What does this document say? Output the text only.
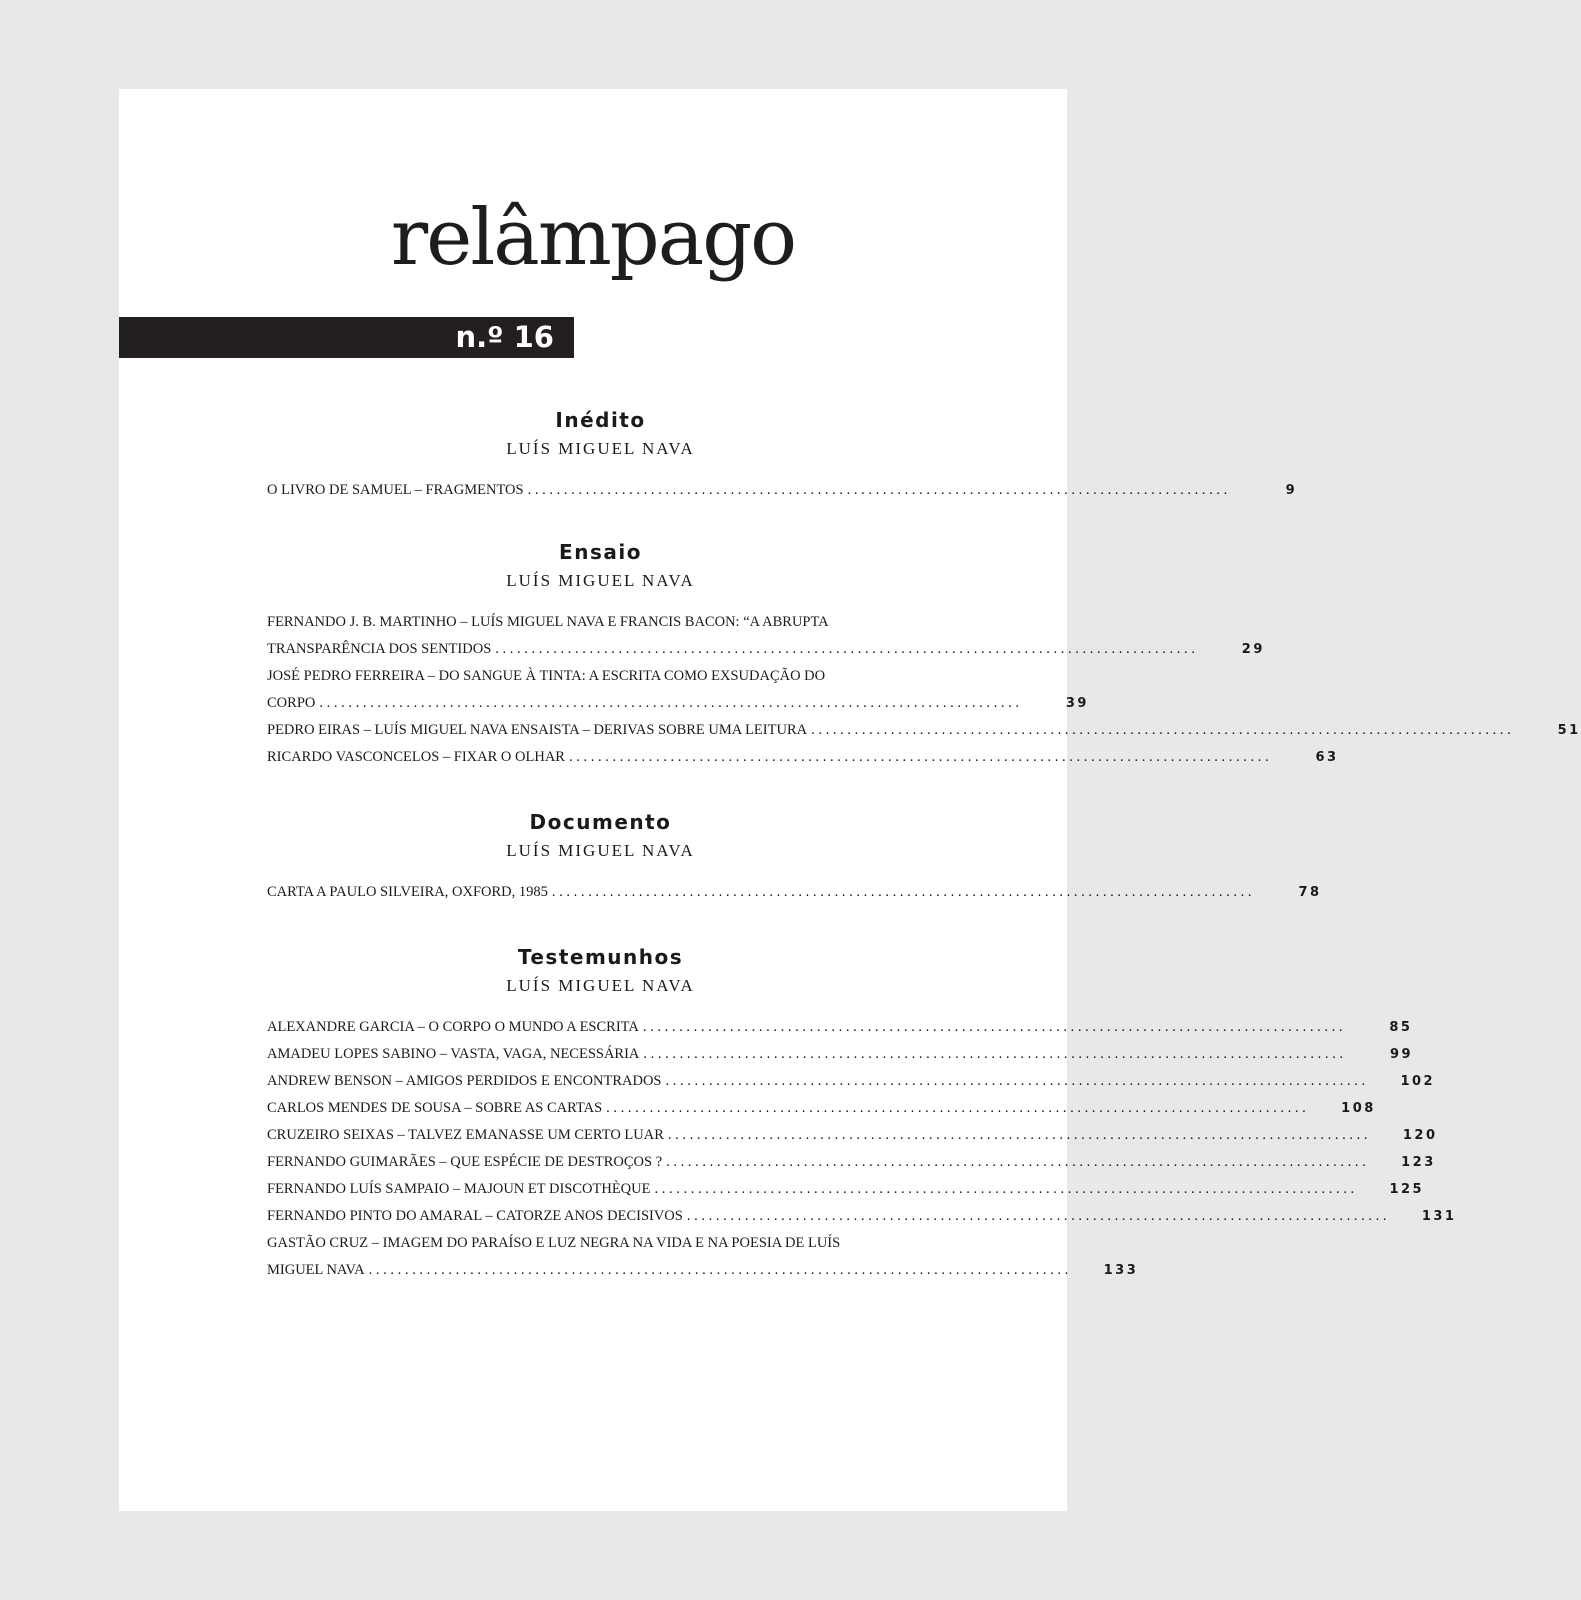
relâmpago
n.º 16
Inédito
LUÍS MIGUEL NAVA
O LIVRO DE SAMUEL – FRAGMENTOS . . .	9
Ensaio
LUÍS MIGUEL NAVA
FERNANDO J. B. MARTINHO – LUÍS MIGUEL NAVA E FRANCIS BACON: “A ABRUPTA
TRANSPARÊNCIA DOS SENTIDOS . . .	29
JOSÉ PEDRO FERREIRA – DO SANGUE À TINTA: A ESCRITA COMO EXSUDAÇÃO DO
CORPO . . .	39
PEDRO EIRAS – LUÍS MIGUEL NAVA ENSAISTA – DERIVAS SOBRE UMA LEITURA . . .	51
RICARDO VASCONCELOS – FIXAR O OLHAR . . .	63
Documento
LUÍS MIGUEL NAVA
CARTA A PAULO SILVEIRA, OXFORD, 1985 . . .	78
Testemunhos
LUÍS MIGUEL NAVA
ALEXANDRE GARCIA – O CORPO O MUNDO A ESCRITA . . .	85
AMADEU LOPES SABINO – VASTA, VAGA, NECESSÁRIA . . .	99
ANDREW BENSON – AMIGOS PERDIDOS E ENCONTRADOS . . .	102
CARLOS MENDES DE SOUSA – SOBRE AS CARTAS . . .	108
CRUZEIRO SEIXAS – TALVEZ EMANASSE UM CERTO LUAR . . .	120
FERNANDO GUIMARÃES – QUE ESPÉCIE DE DESTROÇOS ? . . .	123
FERNANDO LUÍS SAMPAIO – MAJOUN ET DISCOTHÈQUE . . .	125
FERNANDO PINTO DO AMARAL – CATORZE ANOS DECISIVOS . . .	131
GASTÃO CRUZ – IMAGEM DO PARAÍSO E LUZ NEGRA NA VIDA E NA POESIA DE LUÍS
MIGUEL NAVA . . .	133
